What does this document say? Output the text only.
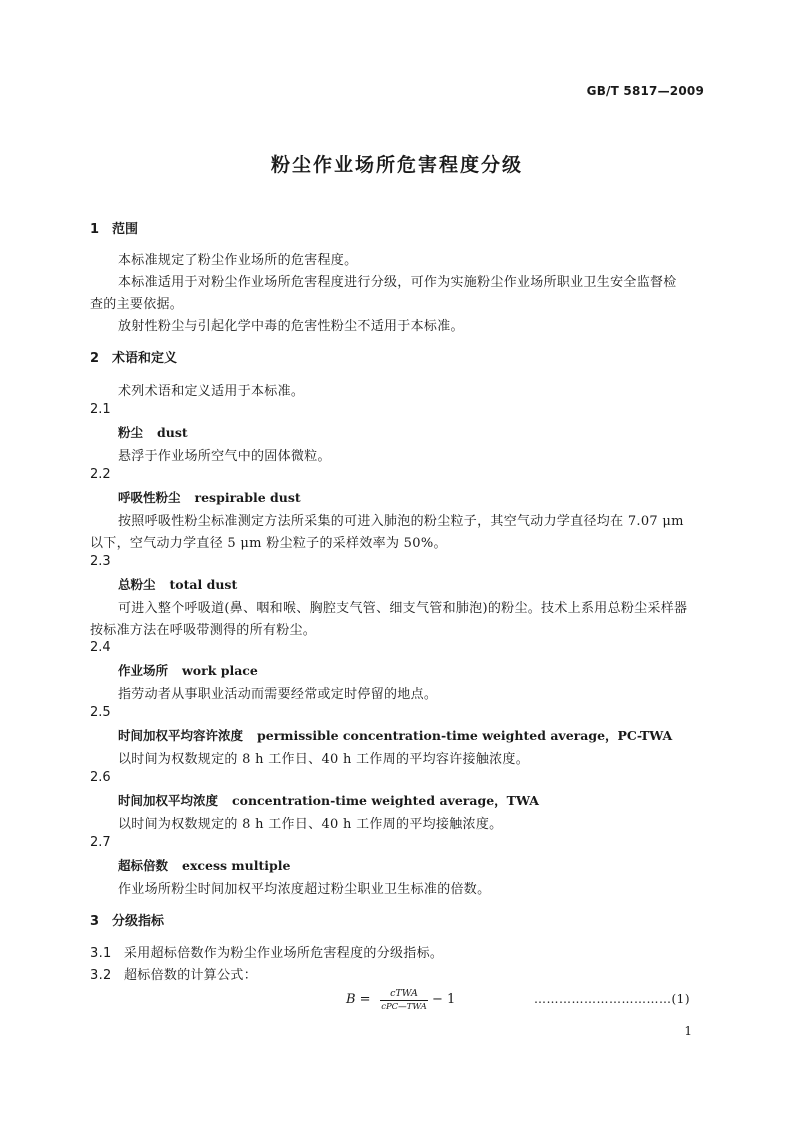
GB/T 5817—2009
粉尘作业场所危害程度分级
1 范围
本标准规定了粉尘作业场所的危害程度。
本标准适用于对粉尘作业场所危害程度进行分级，可作为实施粉尘作业场所职业卫生安全监督检
查的主要依据。
放射性粉尘与引起化学中毒的危害性粉尘不适用于本标准。
2 术语和定义
术列术语和定义适用于本标准。
2.1
粉尘 dust
悬浮于作业场所空气中的固体微粒。
2.2
呼吸性粉尘 respirable dust
按照呼吸性粉尘标准测定方法所采集的可进入肺泡的粉尘粒子，其空气动力学直径均在 7.07 μm
以下，空气动力学直径 5 μm 粉尘粒子的采样效率为 50%。
2.3
总粉尘 total dust
可进入整个呼吸道(鼻、咽和喉、胸腔支气管、细支气管和肺泡)的粉尘。技术上系用总粉尘采样器
按标准方法在呼吸带测得的所有粉尘。
2.4
作业场所 work place
指劳动者从事职业活动而需要经常或定时停留的地点。
2.5
时间加权平均容许浓度 permissible concentration-time weighted average，PC-TWA
以时间为权数规定的 8 h 工作日、40 h 工作周的平均容许接触浓度。
2.6
时间加权平均浓度 concentration-time weighted average，TWA
以时间为权数规定的 8 h 工作日、40 h 工作周的平均接触浓度。
2.7
超标倍数 excess multiple
作业场所粉尘时间加权平均浓度超过粉尘职业卫生标准的倍数。
3 分级指标
3.1 采用超标倍数作为粉尘作业场所危害程度的分级指标。
3.2 超标倍数的计算公式：
B =	cTWA
cPC—TWA − 1	……………………………(1)
1
